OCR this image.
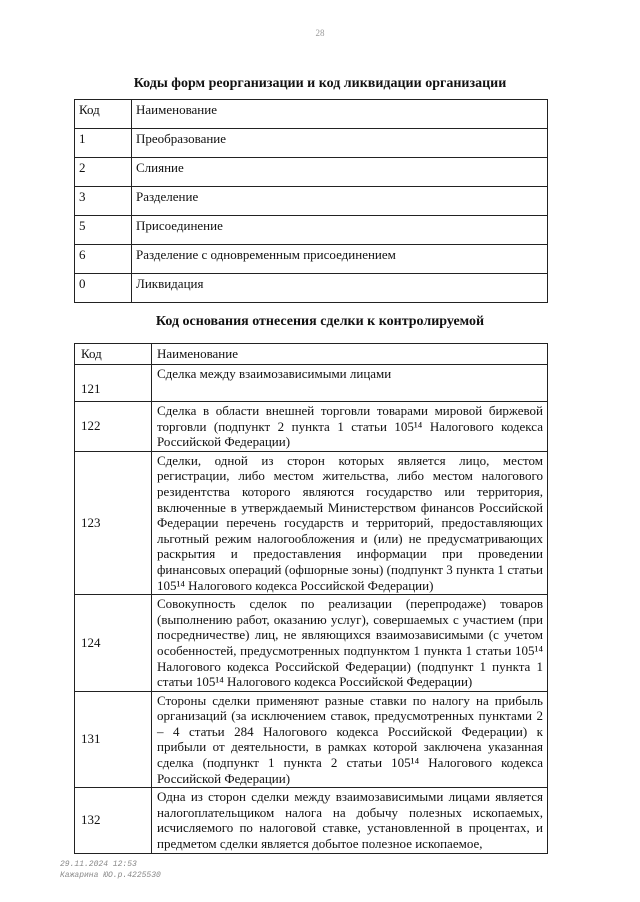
28
Коды форм реорганизации и код ликвидации организации
Код	Наименование
1	Преобразование
2	Слияние
3	Разделение
5	Присоединение
6	Разделение с одновременным присоединением
0	Ликвидация
Код основания отнесения сделки к контролируемой
Код	Наименование
121	Сделка между взаимозависимыми лицами
122	Сделка в области внешней торговли товарами мировой биржевой торговли (подпункт 2 пункта 1 статьи 105¹⁴ Налогового кодекса Российской Федерации)
123	Сделки, одной из сторон которых является лицо, местом регистрации, либо местом жительства, либо местом налогового резидентства которого являются государство или территория, включенные в утверждаемый Министерством финансов Российской Федерации перечень государств и территорий, предоставляющих льготный режим налогообложения и (или) не предусматривающих раскрытия и предоставления информации при проведении финансовых операций (офшорные зоны) (подпункт 3 пункта 1 статьи 105¹⁴ Налогового кодекса Российской Федерации)
124	Совокупность сделок по реализации (перепродаже) товаров (выполнению работ, оказанию услуг), совершаемых с участием (при посредничестве) лиц, не являющихся взаимозависимыми (с учетом особенностей, предусмотренных подпунктом 1 пункта 1 статьи 105¹⁴ Налогового кодекса Российской Федерации) (подпункт 1 пункта 1 статьи 105¹⁴ Налогового кодекса Российской Федерации)
131	Стороны сделки применяют разные ставки по налогу на прибыль организаций (за исключением ставок, предусмотренных пунктами 2 – 4 статьи 284 Налогового кодекса Российской Федерации) к прибыли от деятельности, в рамках которой заключена указанная сделка (подпункт 1 пункта 2 статьи 105¹⁴ Налогового кодекса Российской Федерации)
132	Одна из сторон сделки между взаимозависимыми лицами является налогоплательщиком налога на добычу полезных ископаемых, исчисляемого по налоговой ставке, установленной в процентах, и предметом сделки является добытое полезное ископаемое,
29.11.2024 12:53
Кажарина ЮО.р.4225530
